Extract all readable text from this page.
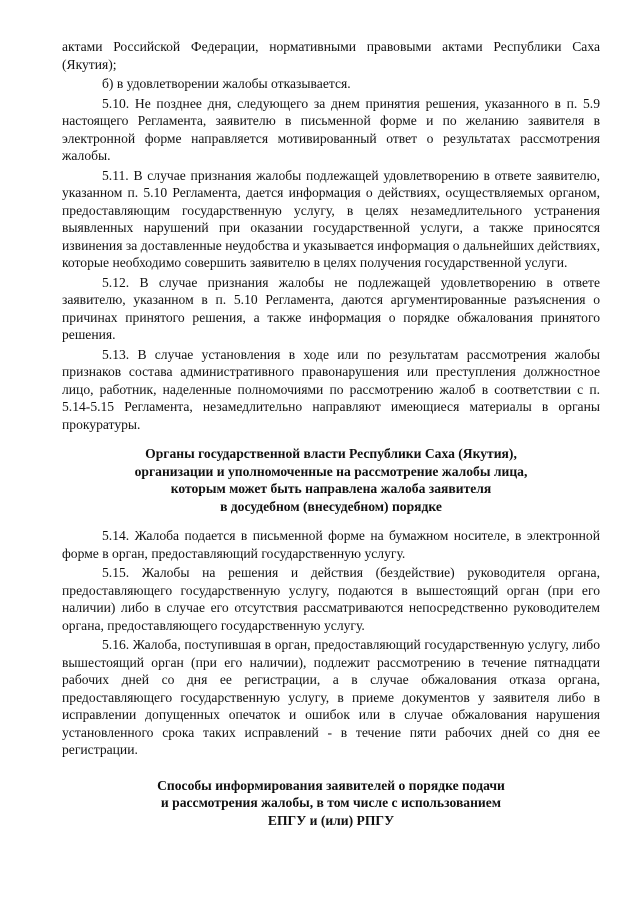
актами Российской Федерации, нормативными правовыми актами Республики Саха (Якутия);

б) в удовлетворении жалобы отказывается.

5.10. Не позднее дня, следующего за днем принятия решения, указанного в п. 5.9 настоящего Регламента, заявителю в письменной форме и по желанию заявителя в электронной форме направляется мотивированный ответ о результатах рассмотрения жалобы.

5.11. В случае признания жалобы подлежащей удовлетворению в ответе заявителю, указанном п. 5.10 Регламента, дается информация о действиях, осуществляемых органом, предоставляющим государственную услугу, в целях незамедлительного устранения выявленных нарушений при оказании государственной услуги, а также приносятся извинения за доставленные неудобства и указывается информация о дальнейших действиях, которые необходимо совершить заявителю в целях получения государственной услуги.

5.12. В случае признания жалобы не подлежащей удовлетворению в ответе заявителю, указанном в п. 5.10 Регламента, даются аргументированные разъяснения о причинах принятого решения, а также информация о порядке обжалования принятого решения.

5.13. В случае установления в ходе или по результатам рассмотрения жалобы признаков состава административного правонарушения или преступления должностное лицо, работник, наделенные полномочиями по рассмотрению жалоб в соответствии с п. 5.14-5.15 Регламента, незамедлительно направляют имеющиеся материалы в органы прокуратуры.

Органы государственной власти Республики Саха (Якутия),
организации и уполномоченные на рассмотрение жалобы лица,
которым может быть направлена жалоба заявителя
в досудебном (внесудебном) порядке

5.14. Жалоба подается в письменной форме на бумажном носителе, в электронной форме в орган, предоставляющий государственную услугу.

5.15. Жалобы на решения и действия (бездействие) руководителя органа, предоставляющего государственную услугу, подаются в вышестоящий орган (при его наличии) либо в случае его отсутствия рассматриваются непосредственно руководителем органа, предоставляющего государственную услугу.

5.16. Жалоба, поступившая в орган, предоставляющий государственную услугу, либо вышестоящий орган (при его наличии), подлежит рассмотрению в течение пятнадцати рабочих дней со дня ее регистрации, а в случае обжалования отказа органа, предоставляющего государственную услугу, в приеме документов у заявителя либо в исправлении допущенных опечаток и ошибок или в случае обжалования нарушения установленного срока таких исправлений - в течение пяти рабочих дней со дня ее регистрации.

Способы информирования заявителей о порядке подачи
и рассмотрения жалобы, в том числе с использованием
ЕПГУ и (или) РПГУ
